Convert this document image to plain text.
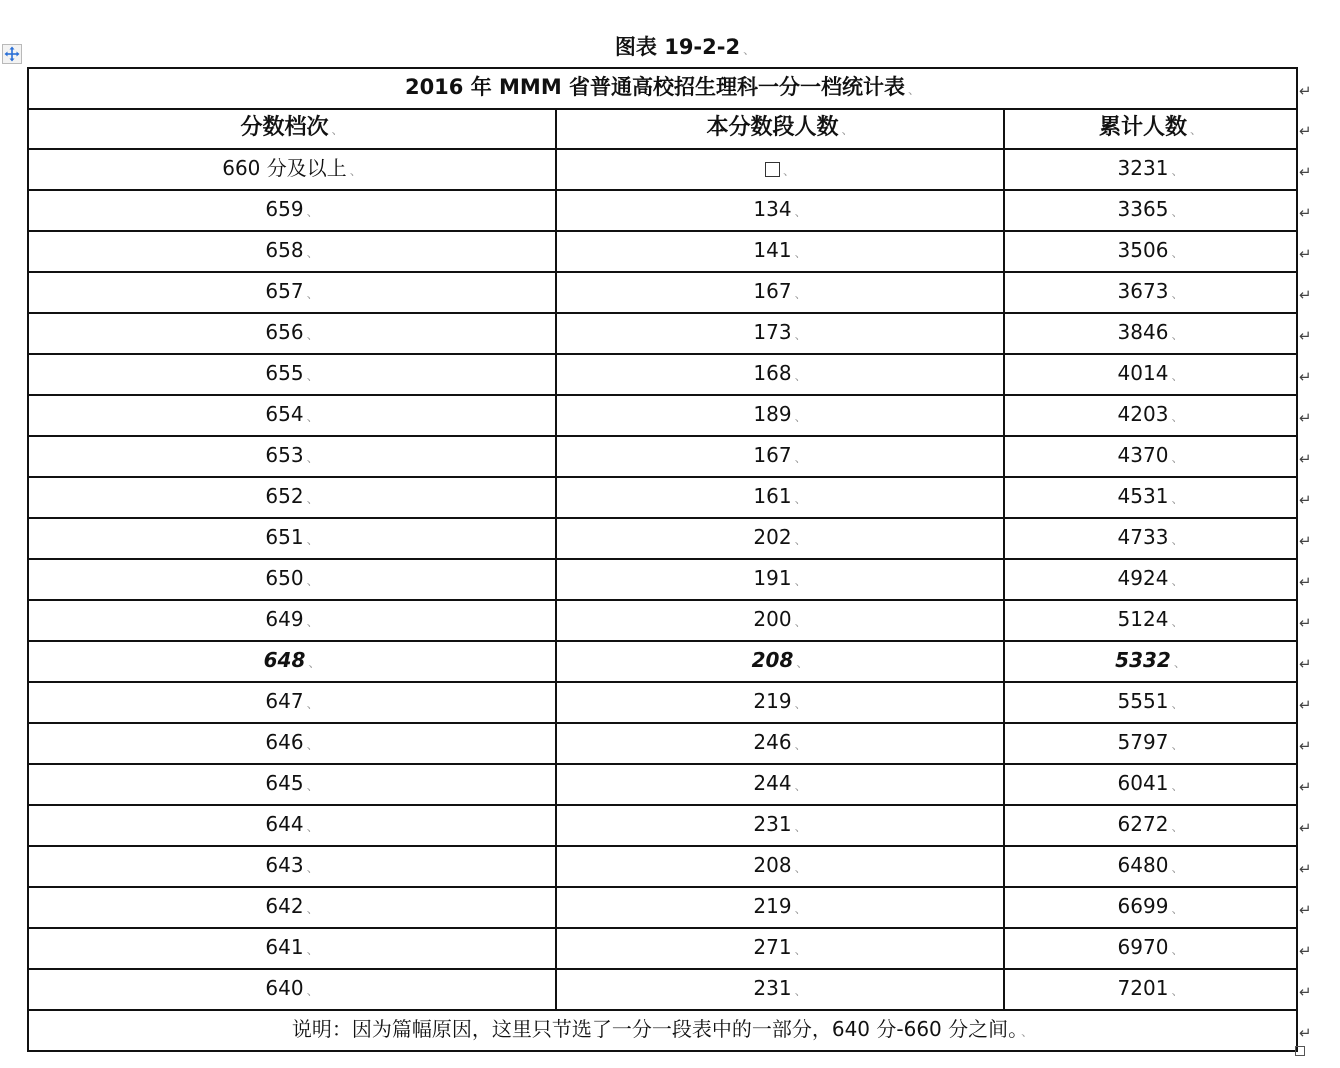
图表 19-2-2 、
2016 年 MMM 省普通高校招生理科一分一档统计表 、		
分数档次 、	本分数段人数 、	累计人数 、
660 分及以上 、	、	3231 、
659 、	134 、	3365 、
658 、	141 、	3506 、
657 、	167 、	3673 、
656 、	173 、	3846 、
655 、	168 、	4014 、
654 、	189 、	4203 、
653 、	167 、	4370 、
652 、	161 、	4531 、
651 、	202 、	4733 、
650 、	191 、	4924 、
649 、	200 、	5124 、
648 、	208 、	5332 、
647 、	219 、	5551 、
646 、	246 、	5797 、
645 、	244 、	6041 、
644 、	231 、	6272 、
643 、	208 、	6480 、
642 、	219 、	6699 、
641 、	271 、	6970 、
640 、	231 、	7201 、
说明：因为篇幅原因，这里只节选了一分一段表中的一部分，640 分-660 分之间。 、		
↵
↵
↵
↵
↵
↵
↵
↵
↵
↵
↵
↵
↵
↵
↵
↵
↵
↵
↵
↵
↵
↵
↵
↵
